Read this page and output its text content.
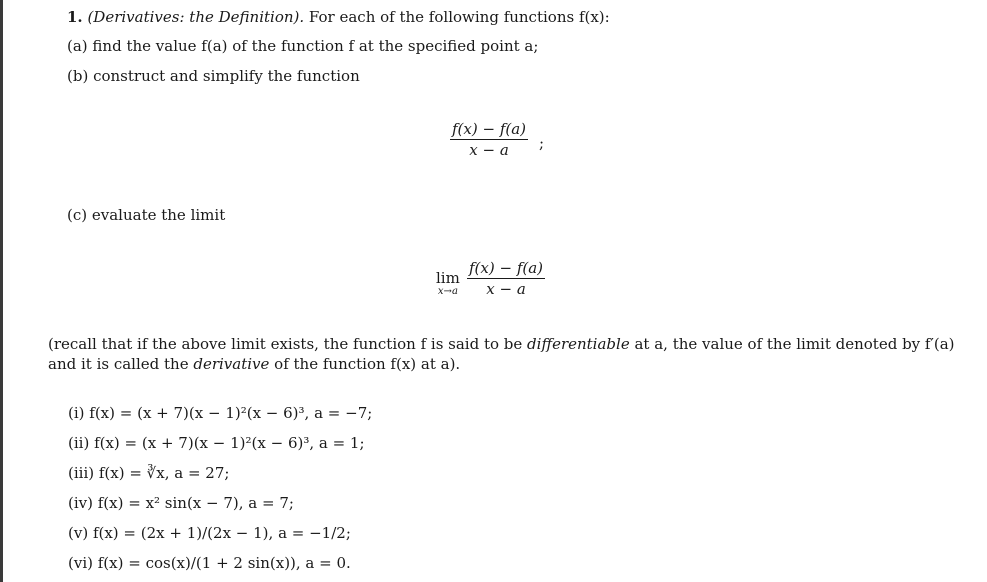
1. (Derivatives: the Definition). For each of the following functions f(x):
(a) find the value f(a) of the function f at the specified point a;
(b) construct and simplify the function
$\frac{f(x) - f(a)}{x - a}$ ;
(c) evaluate the limit
lim
$x\to a \frac{f(x) - f(a)}{x - a}$
(recall that if the above limit exists, the function f is said to be differentiable at a, the value of the limit denoted by f′(a)
and it is called the derivative of the function f(x) at a).
(i) f(x) = (x + 7)(x − 1)²(x − 6)³, a = −7;
(ii) f(x) = (x + 7)(x − 1)²(x − 6)³, a = 1;
(iii) f(x) = ∛x, a = 27;
(iv) f(x) = x² sin(x − 7), a = 7;
(v) f(x) = (2x + 1)/(2x − 1), a = −1/2;
(vi) f(x) = cos(x)/(1 + 2 sin(x)), a = 0.
